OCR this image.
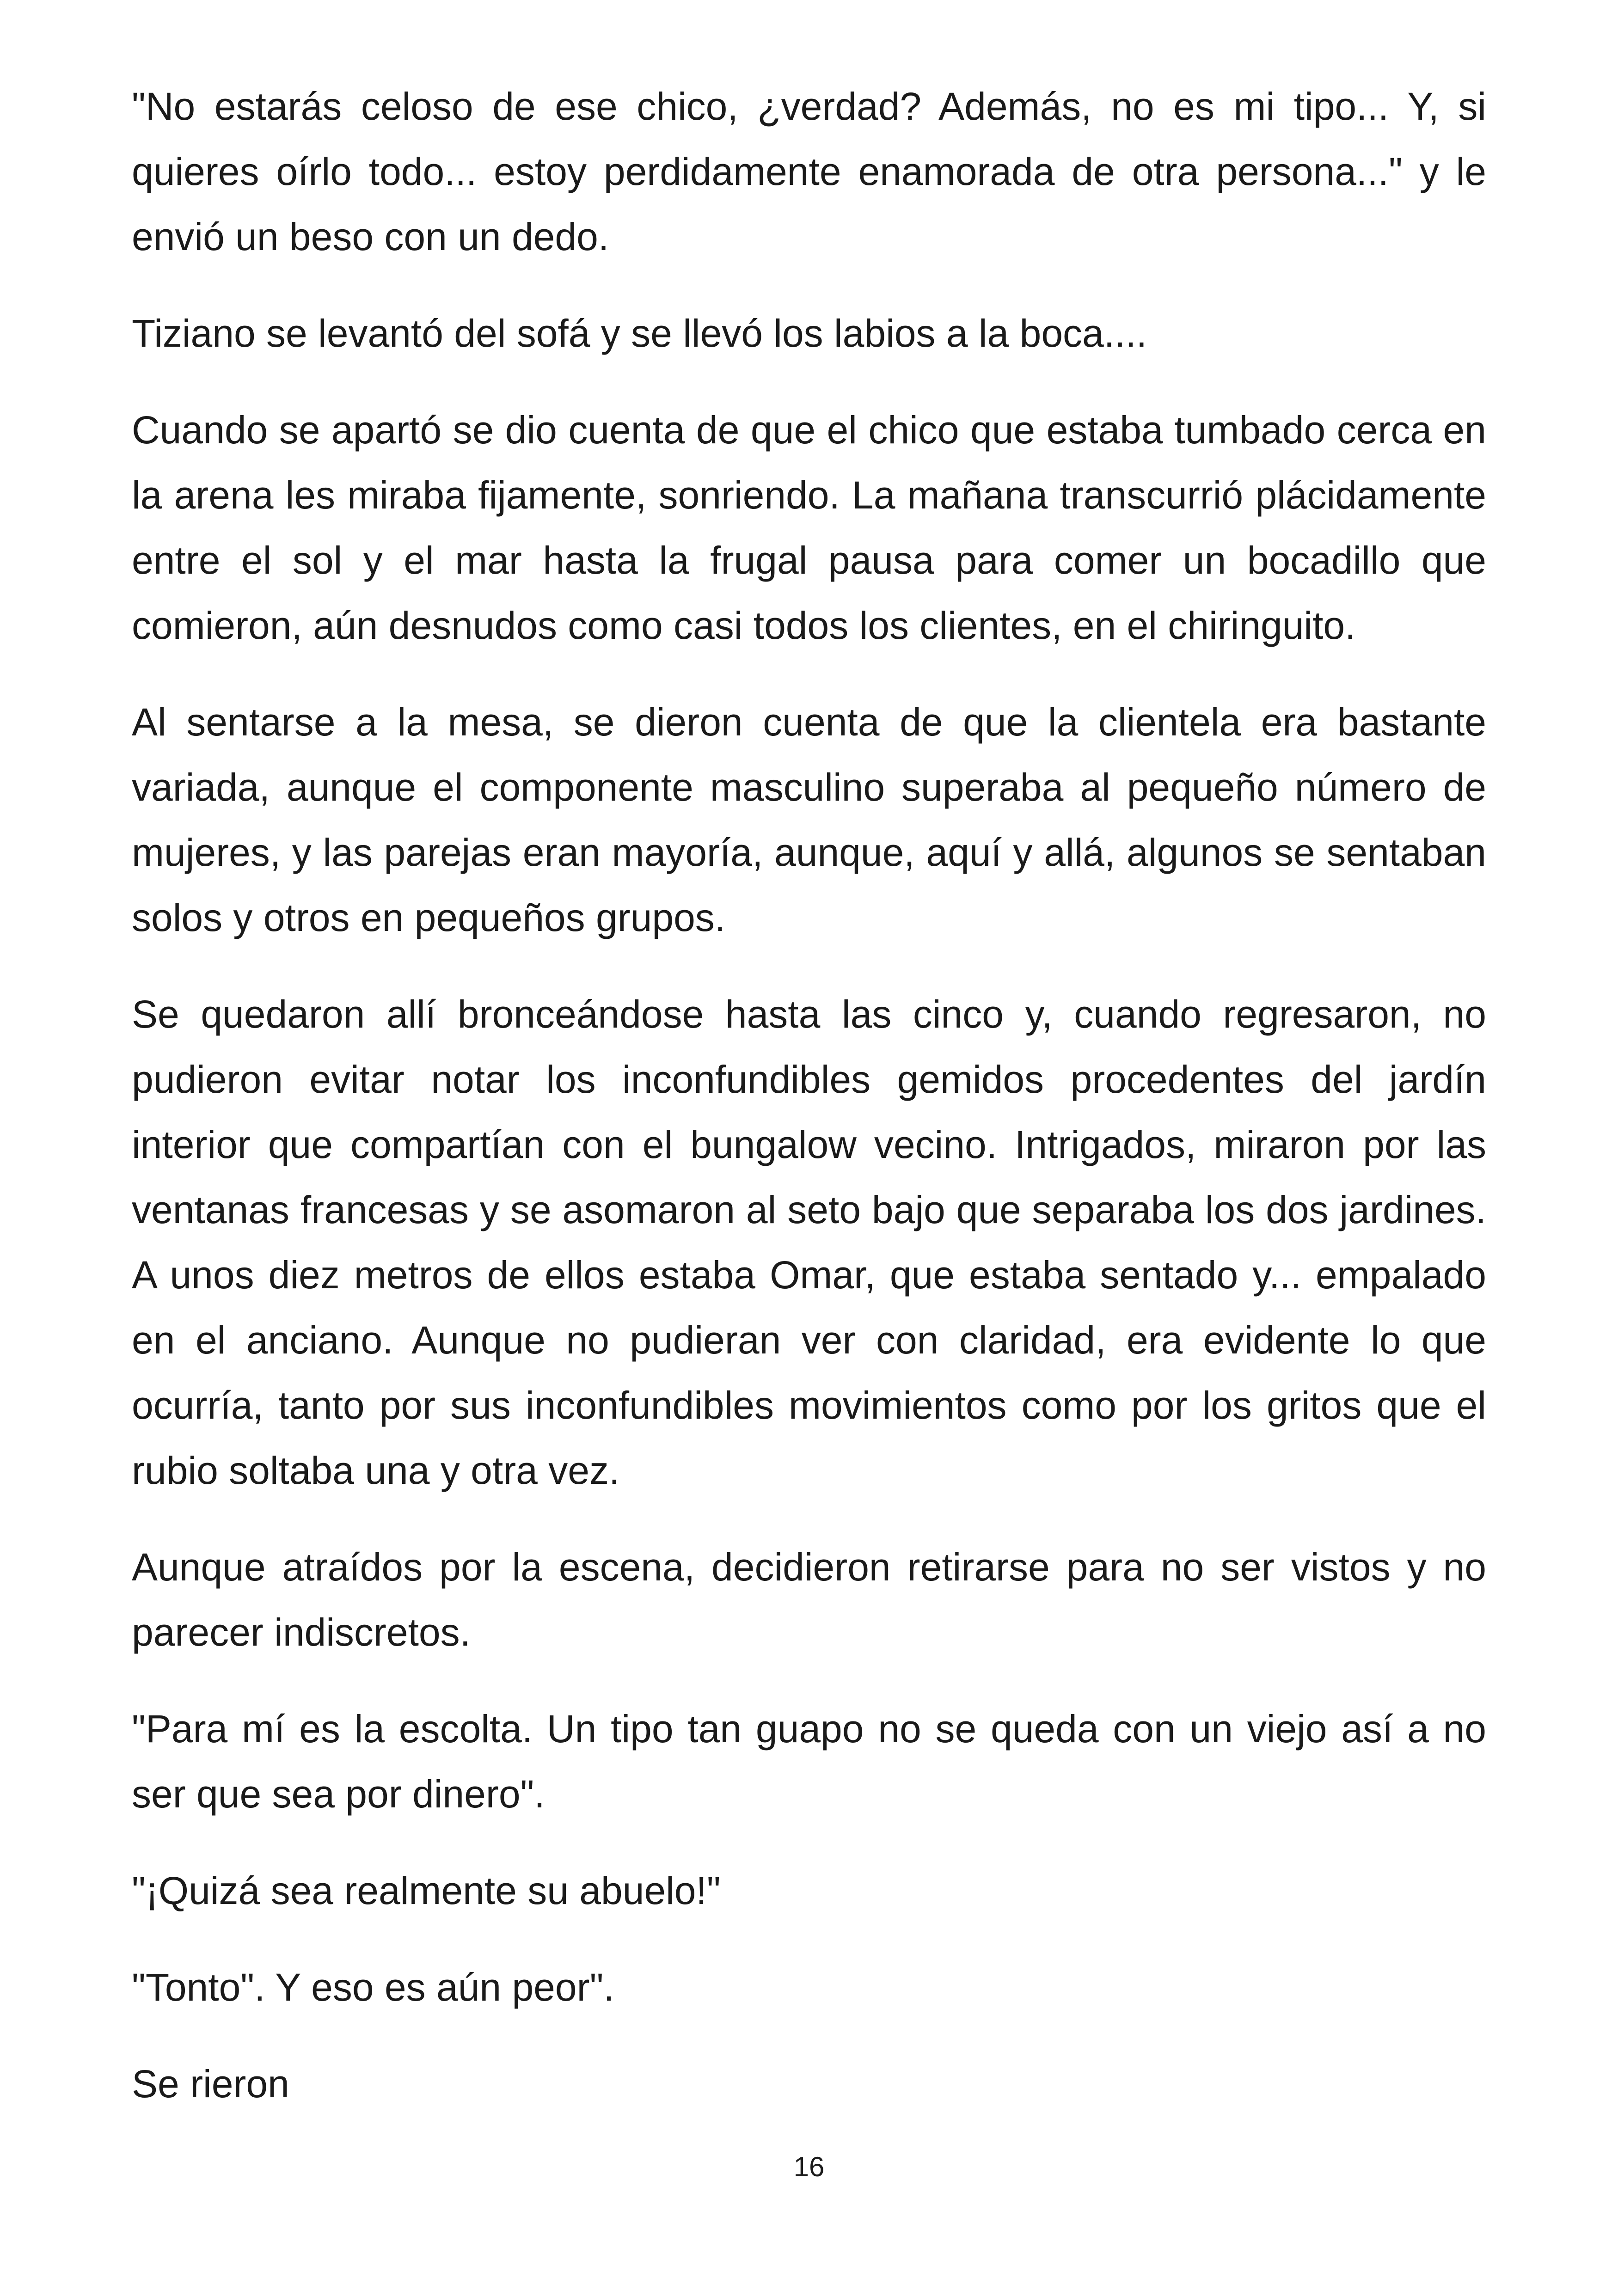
"No estarás celoso de ese chico, ¿verdad? Además, no es mi tipo... Y, si quieres oírlo todo... estoy perdidamente enamorada de otra persona..." y le envió un beso con un dedo.

Tiziano se levantó del sofá y se llevó los labios a la boca....

Cuando se apartó se dio cuenta de que el chico que estaba tumbado cerca en la arena les miraba fijamente, sonriendo. La mañana transcurrió plácidamente entre el sol y el mar hasta la frugal pausa para comer un bocadillo que comieron, aún desnudos como casi todos los clientes, en el chiringuito.

Al sentarse a la mesa, se dieron cuenta de que la clientela era bastante variada, aunque el componente masculino superaba al pequeño número de mujeres, y las parejas eran mayoría, aunque, aquí y allá, algunos se sentaban solos y otros en pequeños grupos.

Se quedaron allí bronceándose hasta las cinco y, cuando regresaron, no pudieron evitar notar los inconfundibles gemidos procedentes del jardín interior que compartían con el bungalow vecino. Intrigados, miraron por las ventanas francesas y se asomaron al seto bajo que separaba los dos jardines. A unos diez metros de ellos estaba Omar, que estaba sentado y... empalado en el anciano. Aunque no pudieran ver con claridad, era evidente lo que ocurría, tanto por sus inconfundibles movimientos como por los gritos que el rubio soltaba una y otra vez.

Aunque atraídos por la escena, decidieron retirarse para no ser vistos y no parecer indiscretos.

"Para mí es la escolta. Un tipo tan guapo no se queda con un viejo así a no ser que sea por dinero".

"¡Quizá sea realmente su abuelo!"

"Tonto". Y eso es aún peor".

Se rieron

16
